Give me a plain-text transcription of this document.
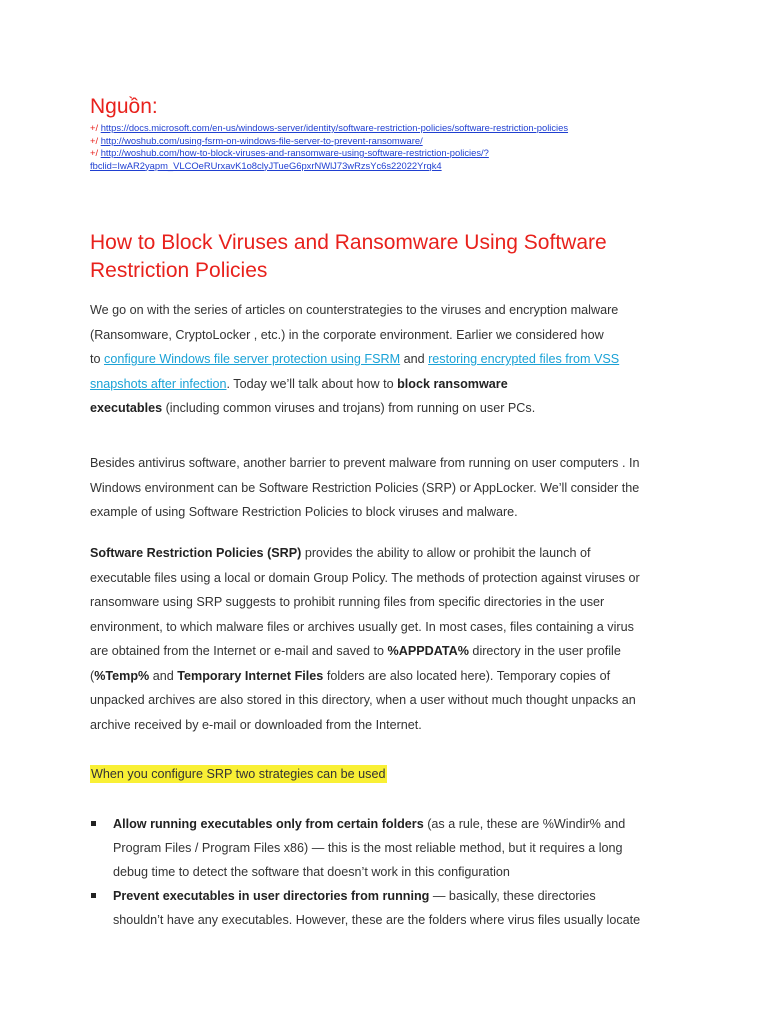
Nguồn:
+/ https://docs.microsoft.com/en-us/windows-server/identity/software-restriction-policies/software-restriction-policies
+/ http://woshub.com/using-fsrm-on-windows-file-server-to-prevent-ransomware/
+/ http://woshub.com/how-to-block-viruses-and-ransomware-using-software-restriction-policies/?
fbclid=IwAR2yapm_VLCOeRUrxavK1o8clyJTueG6pxrNWlJ73wRzsYc6s22022Yrqk4
How to Block Viruses and Ransomware Using Software
Restriction Policies

We go on with the series of articles on counterstrategies to the viruses and encryption malware
(Ransomware, CryptoLocker , etc.) in the corporate environment. Earlier we considered how
to configure Windows file server protection using FSRM and restoring encrypted files from VSS
snapshots after infection. Today we’ll talk about how to block ransomware
executables (including common viruses and trojans) from running on user PCs.

Besides antivirus software, another barrier to prevent malware from running on user computers . In
Windows environment can be Software Restriction Policies (SRP) or AppLocker. We’ll consider the
example of using Software Restriction Policies to block viruses and malware.

Software Restriction Policies (SRP) provides the ability to allow or prohibit the launch of
executable files using a local or domain Group Policy. The methods of protection against viruses or
ransomware using SRP suggests to prohibit running files from specific directories in the user
environment, to which malware files or archives usually get. In most cases, files containing a virus
are obtained from the Internet or e-mail and saved to %APPDATA% directory in the user profile
(%Temp% and Temporary Internet Files folders are also located here). Temporary copies of
unpacked archives are also stored in this directory, when a user without much thought unpacks an
archive received by e-mail or downloaded from the Internet.

When you configure SRP two strategies can be used
Allow running executables only from certain folders (as a rule, these are %Windir% and
Program Files / Program Files x86) — this is the most reliable method, but it requires a long
debug time to detect the software that doesn’t work in this configuration
Prevent executables in user directories from running — basically, these directories
shouldn’t have any executables. However, these are the folders where virus files usually locate
